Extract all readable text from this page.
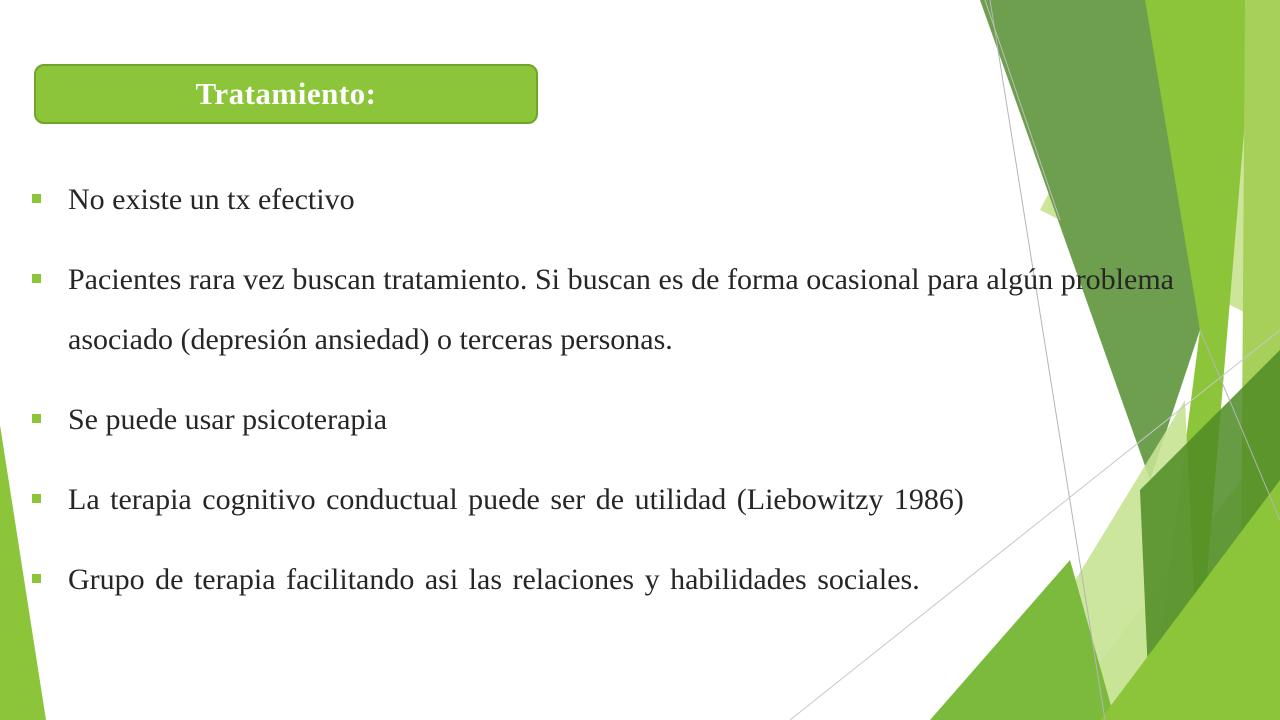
Tratamiento:
No existe un tx efectivo
Pacientes rara vez buscan tratamiento. Si buscan es de forma ocasional para algún problema asociado (depresión ansiedad) o terceras personas.
Se puede usar psicoterapia
La terapia cognitivo conductual puede ser de utilidad (Liebowitzy 1986)
Grupo de terapia facilitando asi las relaciones y habilidades sociales.
